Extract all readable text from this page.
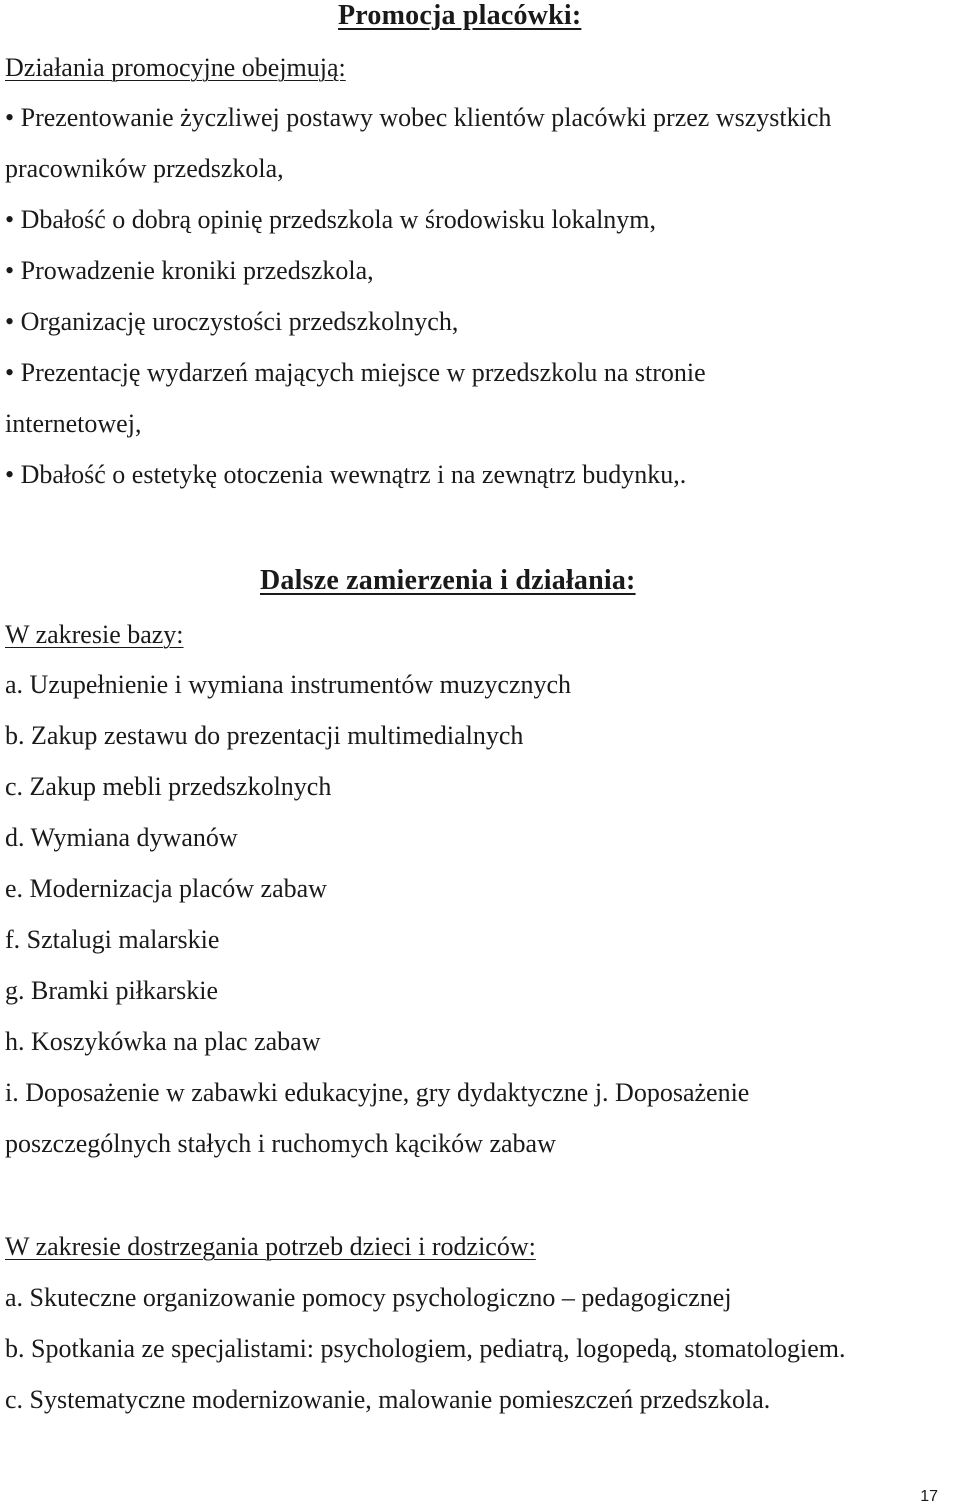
Promocja placówki:

Działania promocyjne obejmują:

• Prezentowanie życzliwej postawy wobec klientów placówki przez wszystkich

pracowników przedszkola,

• Dbałość o dobrą opinię przedszkola w środowisku lokalnym,

• Prowadzenie kroniki przedszkola,

• Organizację uroczystości przedszkolnych,

• Prezentację wydarzeń mających miejsce w przedszkolu na stronie

internetowej,

• Dbałość o estetykę otoczenia wewnątrz i na zewnątrz budynku,.

Dalsze zamierzenia i działania:

W zakresie bazy:

a. Uzupełnienie i wymiana instrumentów muzycznych

b. Zakup zestawu do prezentacji multimedialnych

c. Zakup mebli przedszkolnych

d. Wymiana dywanów

e. Modernizacja placów zabaw

f. Sztalugi malarskie

g. Bramki piłkarskie

h. Koszykówka na plac zabaw

i. Doposażenie w zabawki edukacyjne, gry dydaktyczne j. Doposażenie

poszczególnych stałych i ruchomych kącików zabaw

W zakresie dostrzegania potrzeb dzieci i rodziców:

a. Skuteczne organizowanie pomocy psychologiczno – pedagogicznej

b. Spotkania ze specjalistami: psychologiem, pediatrą, logopedą, stomatologiem.

c. Systematyczne modernizowanie, malowanie pomieszczeń przedszkola.

17
